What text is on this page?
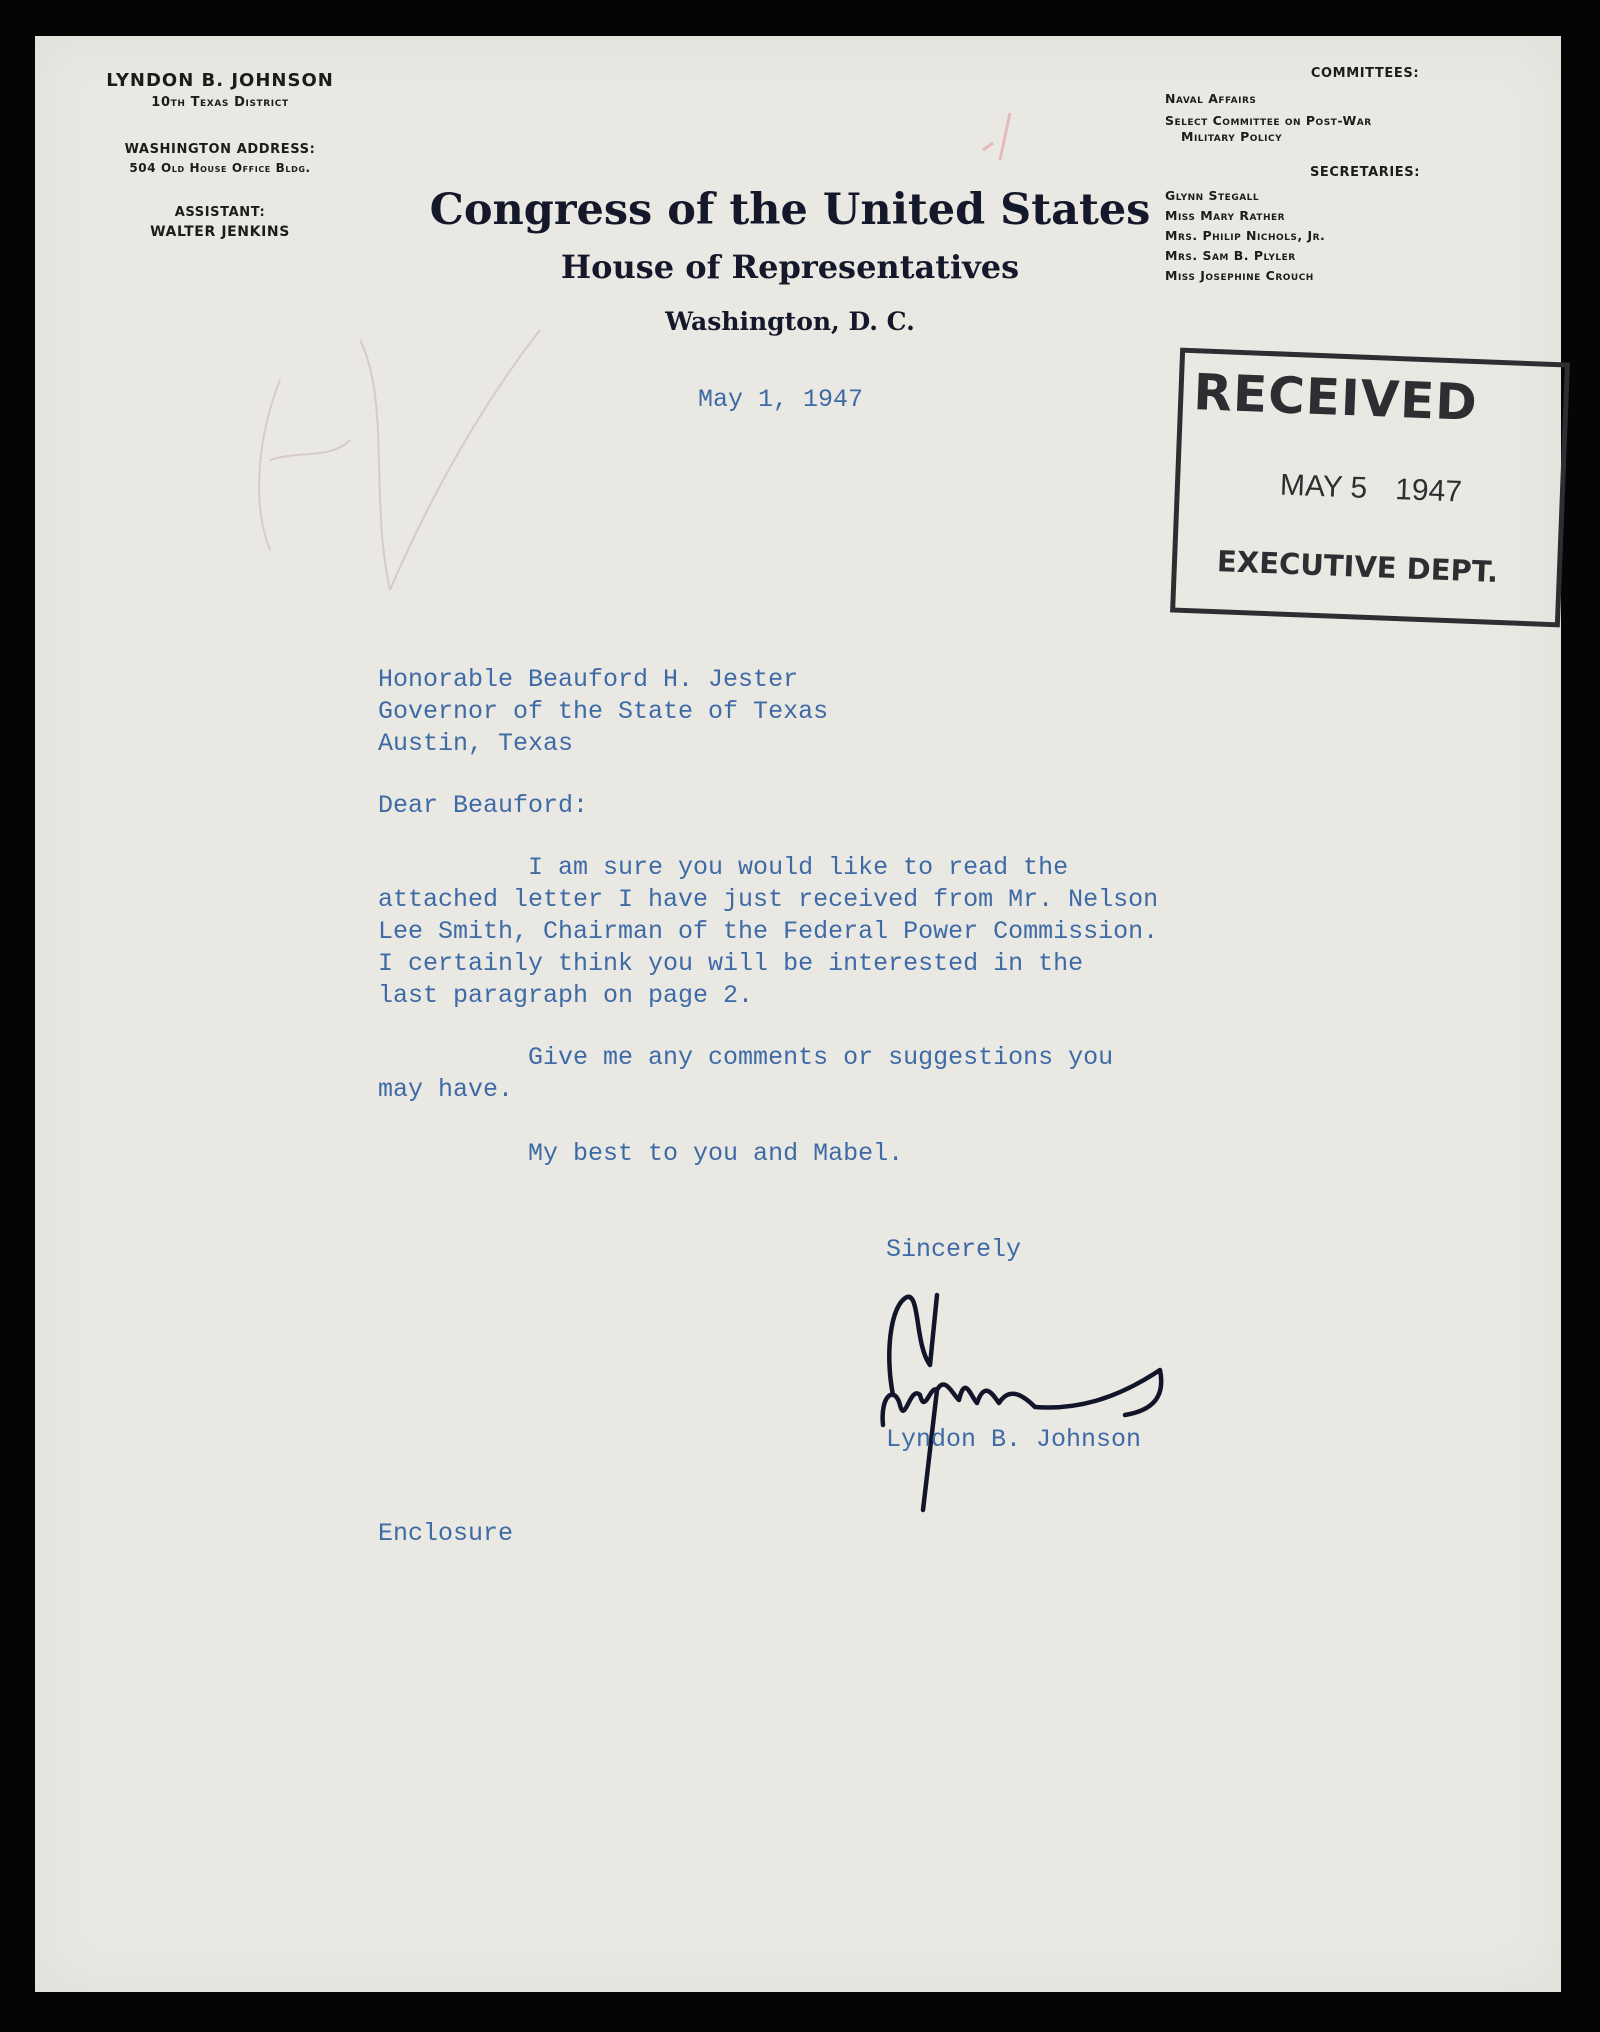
LYNDON B. JOHNSON
10th Texas District
WASHINGTON ADDRESS:
504 Old House Office Bldg.
ASSISTANT:
WALTER JENKINS	Congress of the United States
House of Representatives
Washington, D. C.
COMMITTEES:
Naval Affairs
Select Committee on Post-War
Military Policy
SECRETARIES:
Glynn Stegall
Miss Mary Rather
Mrs. Philip Nichols, Jr.
Mrs. Sam B. Plyler
Miss Josephine Crouch
RECEIVED
MAY 5 1947
EXECUTIVE DEPT.
May 1, 1947
Honorable Beauford H. Jester
Governor of the State of Texas
Austin, Texas
Dear Beauford:
I am sure you would like to read the
attached letter I have just received from Mr. Nelson
Lee Smith, Chairman of the Federal Power Commission.
I certainly think you will be interested in the
last paragraph on page 2.
Give me any comments or suggestions you
may have.
My best to you and Mabel.
Sincerely
Lyndon B. Johnson
Enclosure
